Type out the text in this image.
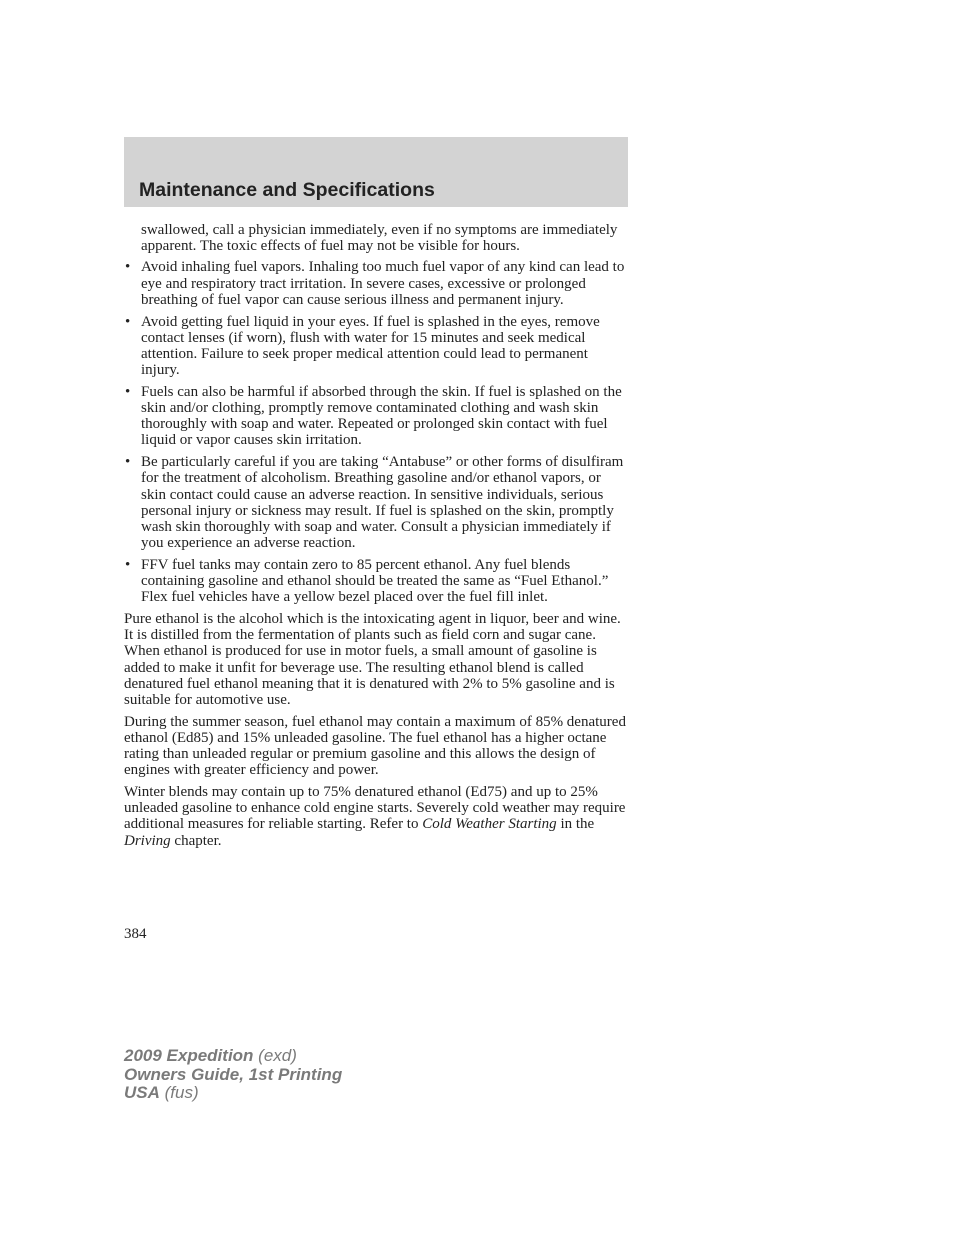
Maintenance and Specifications

swallowed, call a physician immediately, even if no symptoms are immediately apparent. The toxic effects of fuel may not be visible for hours.

• Avoid inhaling fuel vapors. Inhaling too much fuel vapor of any kind can lead to eye and respiratory tract irritation. In severe cases, excessive or prolonged breathing of fuel vapor can cause serious illness and permanent injury.
• Avoid getting fuel liquid in your eyes. If fuel is splashed in the eyes, remove contact lenses (if worn), flush with water for 15 minutes and seek medical attention. Failure to seek proper medical attention could lead to permanent injury.
• Fuels can also be harmful if absorbed through the skin. If fuel is splashed on the skin and/or clothing, promptly remove contaminated clothing and wash skin thoroughly with soap and water. Repeated or prolonged skin contact with fuel liquid or vapor causes skin irritation.
• Be particularly careful if you are taking “Antabuse” or other forms of disulfiram for the treatment of alcoholism. Breathing gasoline and/or ethanol vapors, or skin contact could cause an adverse reaction. In sensitive individuals, serious personal injury or sickness may result. If fuel is splashed on the skin, promptly wash skin thoroughly with soap and water. Consult a physician immediately if you experience an adverse reaction.
• FFV fuel tanks may contain zero to 85 percent ethanol. Any fuel blends containing gasoline and ethanol should be treated the same as “Fuel Ethanol.” Flex fuel vehicles have a yellow bezel placed over the fuel fill inlet.

Pure ethanol is the alcohol which is the intoxicating agent in liquor, beer and wine. It is distilled from the fermentation of plants such as field corn and sugar cane. When ethanol is produced for use in motor fuels, a small amount of gasoline is added to make it unfit for beverage use. The resulting ethanol blend is called denatured fuel ethanol meaning that it is denatured with 2% to 5% gasoline and is suitable for automotive use.

During the summer season, fuel ethanol may contain a maximum of 85% denatured ethanol (Ed85) and 15% unleaded gasoline. The fuel ethanol has a higher octane rating than unleaded regular or premium gasoline and this allows the design of engines with greater efficiency and power.

Winter blends may contain up to 75% denatured ethanol (Ed75) and up to 25% unleaded gasoline to enhance cold engine starts. Severely cold weather may require additional measures for reliable starting. Refer to Cold Weather Starting in the Driving chapter.

384
2009 Expedition (exd)
Owners Guide, 1st Printing
USA (fus)
